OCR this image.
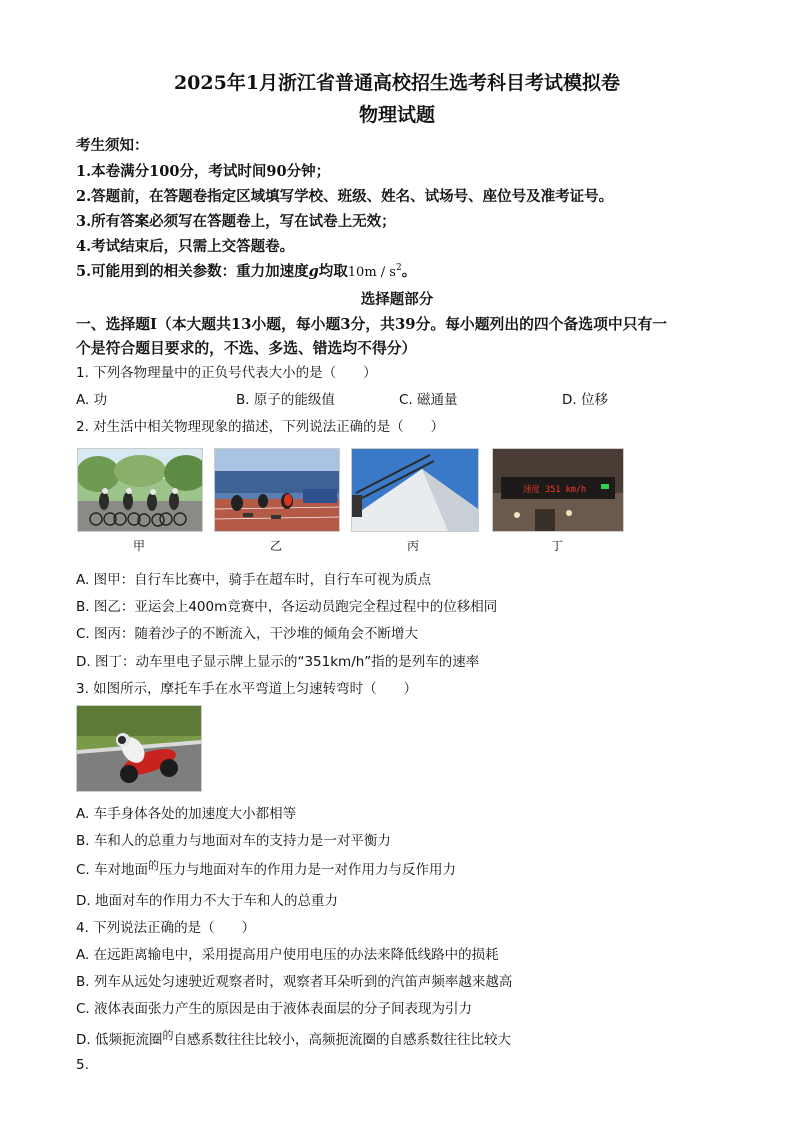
2025年1月浙江省普通高校招生选考科目考试模拟卷
物理试题
考生须知：
1.本卷满分100分，考试时间90分钟；
2.答题前，在答题卷指定区域填写学校、班级、姓名、试场号、座位号及准考证号。
3.所有答案必须写在答题卷上，写在试卷上无效；
4.考试结束后，只需上交答题卷。
5.可能用到的相关参数：重力加速度g均取$10m / s^2$。
选择题部分
一、选择题Ⅰ（本大题共13小题，每小题3分，共39分。每小题列出的四个备选项中只有一
个是符合题目要求的，不选、多选、错选均不得分）
1. 下列各物理量中的正负号代表大小的是（　　）
A. 功	B. 原子的能级值	C. 磁通量	D. 位移
2. 对生活中相关物理现象的描述，下列说法正确的是（　　）
速度 351 km/h
甲	乙	丙	丁
A. 图甲：自行车比赛中，骑手在超车时，自行车可视为质点
B. 图乙：亚运会上400m竞赛中，各运动员跑完全程过程中的位移相同
C. 图丙：随着沙子的不断流入，干沙堆的倾角会不断增大
D. 图丁：动车里电子显示牌上显示的“351km/h”指的是列车的速率
3. 如图所示，摩托车手在水平弯道上匀速转弯时（　　）
A. 车手身体各处的加速度大小都相等
B. 车和人的总重力与地面对车的支持力是一对平衡力
C. 车对地面$^的$压力与地面对车的作用力是一对作用力与反作用力
D. 地面对车的作用力不大于车和人的总重力
4. 下列说法正确的是（　　）
A. 在远距离输电中，采用提高用户使用电压的办法来降低线路中的损耗
B. 列车从远处匀速驶近观察者时，观察者耳朵听到的汽笛声频率越来越高
C. 液体表面张力产生的原因是由于液体表面层的分子间表现为引力
D. 低频扼流圈$^的$自感系数往往比较小，高频扼流圈的自感系数往往比较大
5.
